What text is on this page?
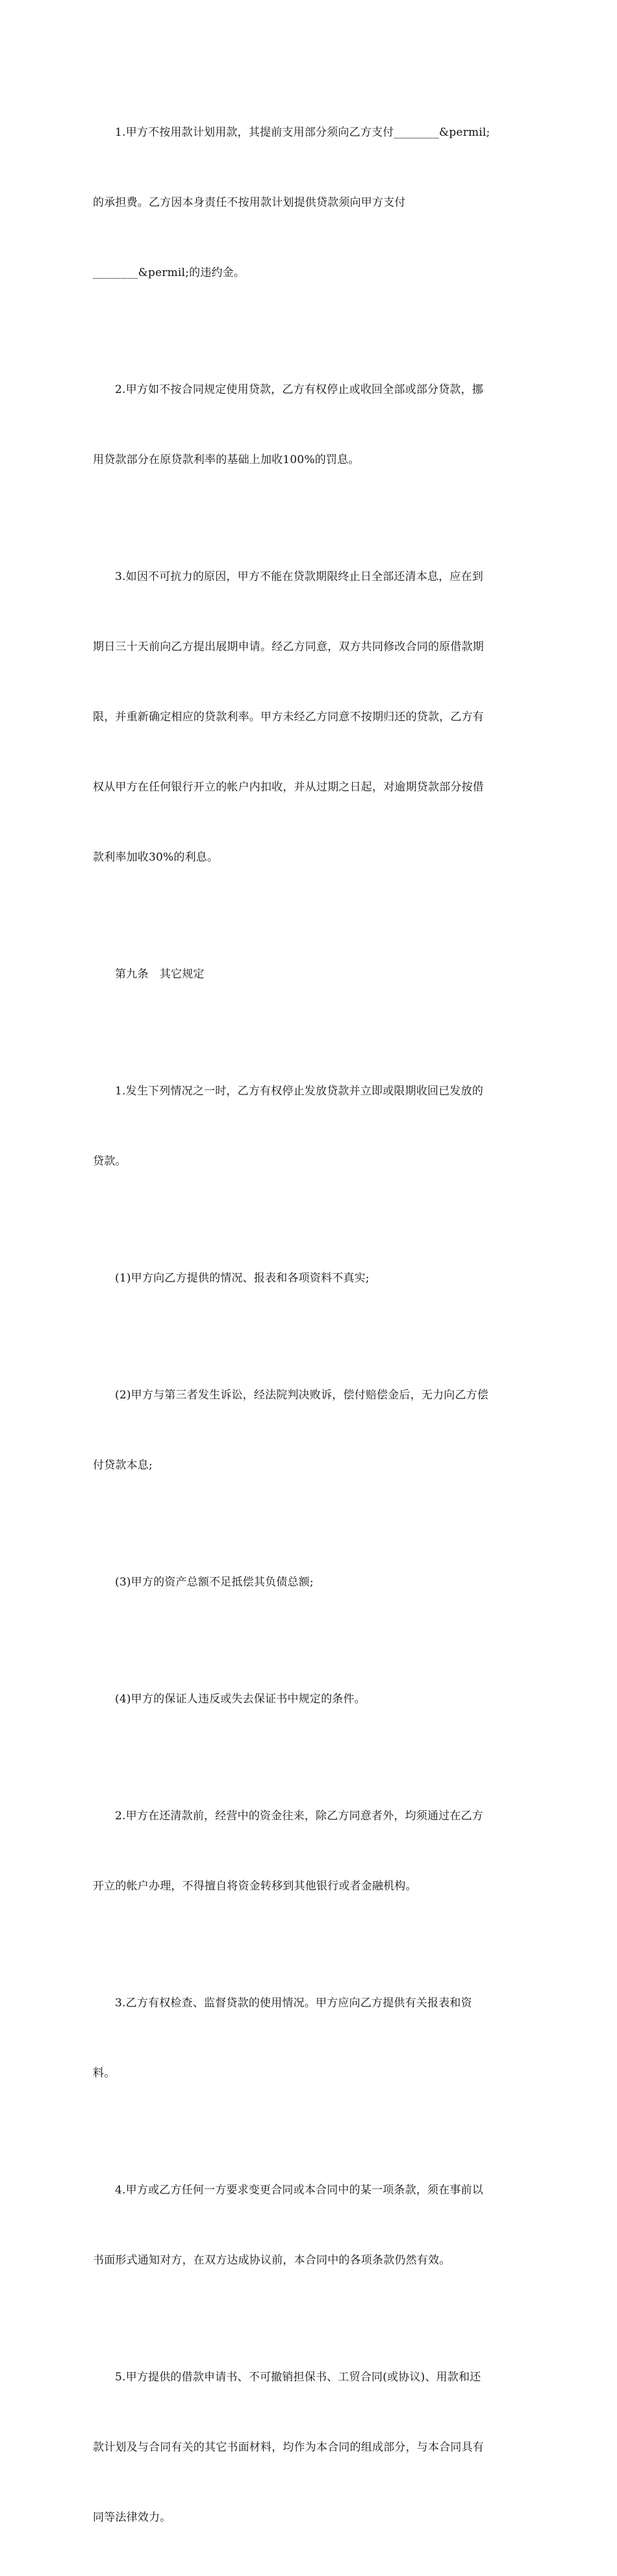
1.甲方不按用款计划用款，其提前支用部分须向乙方支付________&permil;

的承担费。乙方因本身责任不按用款计划提供贷款须向甲方支付

________&permil;的违约金。

2.甲方如不按合同规定使用贷款，乙方有权停止或收回全部或部分贷款，挪

用贷款部分在原贷款利率的基础上加收100%的罚息。

3.如因不可抗力的原因，甲方不能在贷款期限终止日全部还清本息，应在到

期日三十天前向乙方提出展期申请。经乙方同意，双方共同修改合同的原借款期

限，并重新确定相应的贷款利率。甲方未经乙方同意不按期归还的贷款，乙方有

权从甲方在任何银行开立的帐户内扣收，并从过期之日起，对逾期贷款部分按借

款利率加收30%的利息。

第九条　其它规定

1.发生下列情况之一时，乙方有权停止发放贷款并立即或限期收回已发放的

贷款。

(1)甲方向乙方提供的情况、报表和各项资料不真实;

(2)甲方与第三者发生诉讼，经法院判决败诉，偿付赔偿金后，无力向乙方偿

付贷款本息;

(3)甲方的资产总额不足抵偿其负债总额;

(4)甲方的保证人违反或失去保证书中规定的条件。

2.甲方在还清款前，经营中的资金往来，除乙方同意者外，均须通过在乙方

开立的帐户办理，不得擅自将资金转移到其他银行或者金融机构。

3.乙方有权检查、监督贷款的使用情况。甲方应向乙方提供有关报表和资

料。

4.甲方或乙方任何一方要求变更合同或本合同中的某一项条款，须在事前以

书面形式通知对方，在双方达成协议前，本合同中的各项条款仍然有效。

5.甲方提供的借款申请书、不可撤销担保书、工贸合同(或协议)、用款和还

款计划及与合同有关的其它书面材料，均作为本合同的组成部分，与本合同具有

同等法律效力。
